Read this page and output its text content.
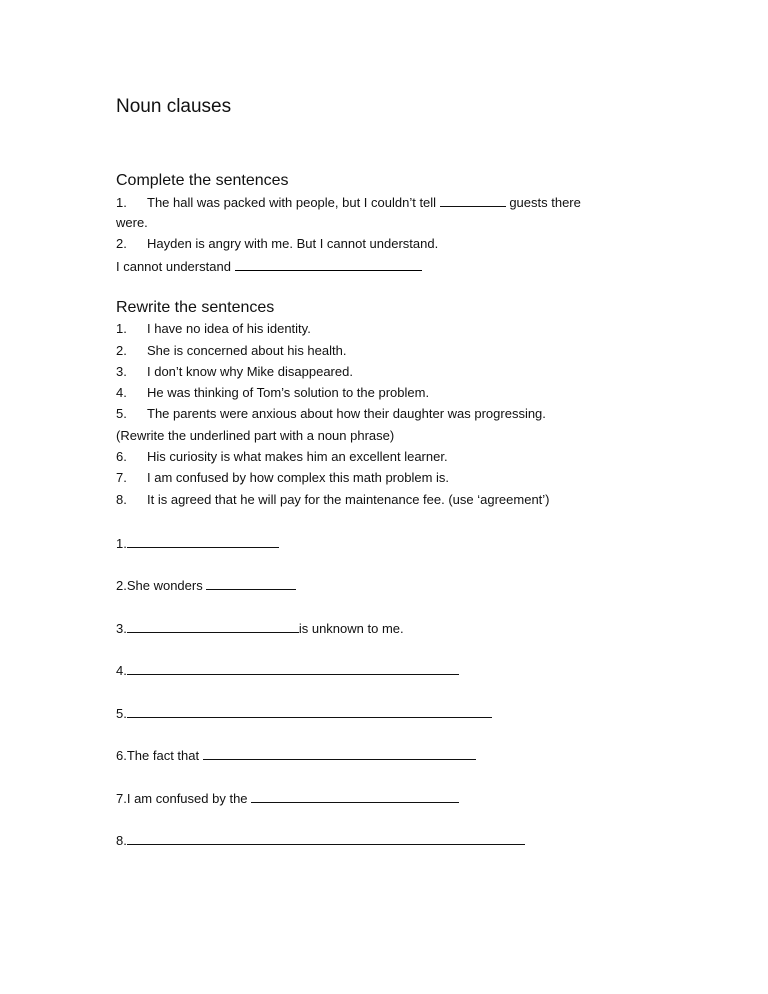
Noun clauses
Complete the sentences
1. The hall was packed with people, but I couldn’t tell	guests there
were.
2. Hayden is angry with me. But I cannot understand.
I cannot understand
Rewrite the sentences
1. I have no idea of his identity.
2. She is concerned about his health.
3. I don’t know why Mike disappeared.
4. He was thinking of Tom’s solution to the problem.
5. The parents were anxious about how their daughter was progressing.
(Rewrite the underlined part with a noun phrase)
6. His curiosity is what makes him an excellent learner.
7. I am confused by how complex this math problem is.
8. It is agreed that he will pay for the maintenance fee. (use ‘agreement’)
1.
2.She wonders
3.	is unknown to me.
4.
5.
6.The fact that
7.I am confused by the
8.
